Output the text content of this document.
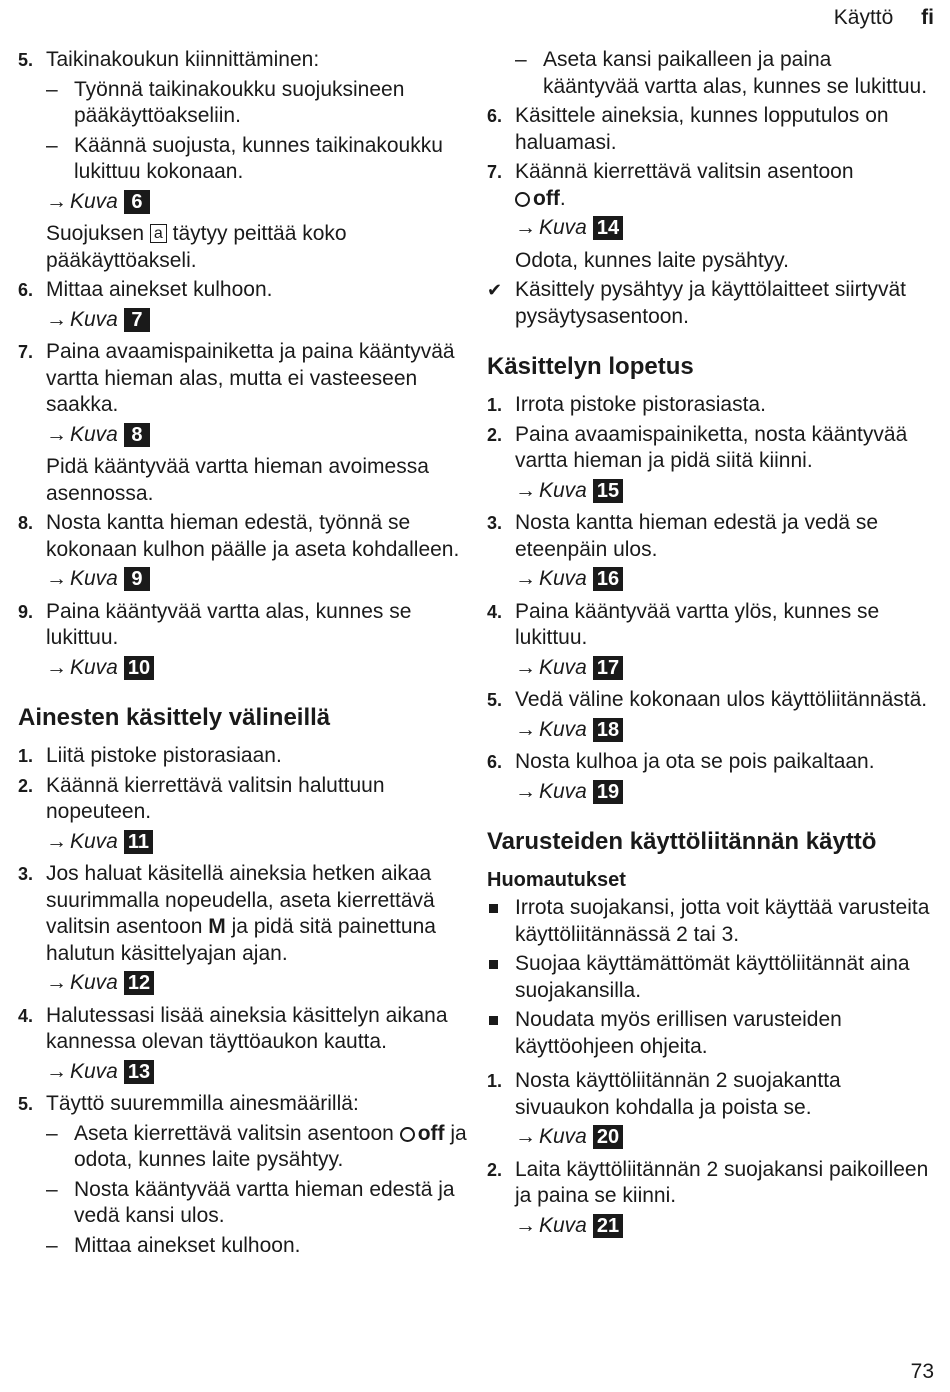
Käyttö fi
5. Taikinakoukun kiinnittäminen:
– Työnnä taikinakoukku suojuksineen pääkäyttöakseliin.
– Käännä suojusta, kunnes taikinakoukku lukittuu kokonaan.
→ Kuva 6
Suojuksen a täytyy peittää koko pääkäyttöakseli.
6. Mittaa ainekset kulhoon.
→ Kuva 7
7. Paina avaamispainiketta ja paina kääntyvää vartta hieman alas, mutta ei vasteeseen saakka.
→ Kuva 8
Pidä kääntyvää vartta hieman avoimessa asennossa.
8. Nosta kantta hieman edestä, työnnä se kokonaan kulhon päälle ja aseta kohdalleen.
→ Kuva 9
9. Paina kääntyvää vartta alas, kunnes se lukittuu.
→ Kuva 10
Ainesten käsittely välineillä
1. Liitä pistoke pistorasiaan.
2. Käännä kierrettävä valitsin haluttuun nopeuteen.
→ Kuva 11
3. Jos haluat käsitellä aineksia hetken aikaa suurimmalla nopeudella, aseta kierrettävä valitsin asentoon M ja pidä sitä painettuna halutun käsittelyajan ajan.
→ Kuva 12
4. Halutessasi lisää aineksia käsittelyn aikana kannessa olevan täyttöaukon kautta.
→ Kuva 13
5. Täyttö suuremmilla ainesmäärillä:
– Aseta kierrettävä valitsin asentoon off ja odota, kunnes laite pysähtyy.
– Nosta kääntyvää vartta hieman edestä ja vedä kansi ulos.
– Mittaa ainekset kulhoon.
– Aseta kansi paikalleen ja paina kääntyvää vartta alas, kunnes se lukittuu.
6. Käsittele aineksia, kunnes lopputulos on haluamasi.
7. Käännä kierrettävä valitsin asentoon
off.
→ Kuva 14
Odota, kunnes laite pysähtyy.
✔ Käsittely pysähtyy ja käyttölaitteet siirtyvät pysäytysasentoon.
Käsittelyn lopetus
1. Irrota pistoke pistorasiasta.
2. Paina avaamispainiketta, nosta kääntyvää vartta hieman ja pidä siitä kiinni.
→ Kuva 15
3. Nosta kantta hieman edestä ja vedä se eteenpäin ulos.
→ Kuva 16
4. Paina kääntyvää vartta ylös, kunnes se lukittuu.
→ Kuva 17
5. Vedä väline kokonaan ulos käyttöliitännästä.
→ Kuva 18
6. Nosta kulhoa ja ota se pois paikaltaan.
→ Kuva 19
Varusteiden käyttöliitännän käyttö
Huomautukset
Irrota suojakansi, jotta voit käyttää varusteita käyttöliitännässä 2 tai 3.
Suojaa käyttämättömät käyttöliitännät aina suojakansilla.
Noudata myös erillisen varusteiden käyttöohjeen ohjeita.
1. Nosta käyttöliitännän 2 suojakantta sivuaukon kohdalla ja poista se.
→ Kuva 20
2. Laita käyttöliitännän 2 suojakansi paikoilleen ja paina se kiinni.
→ Kuva 21
73
